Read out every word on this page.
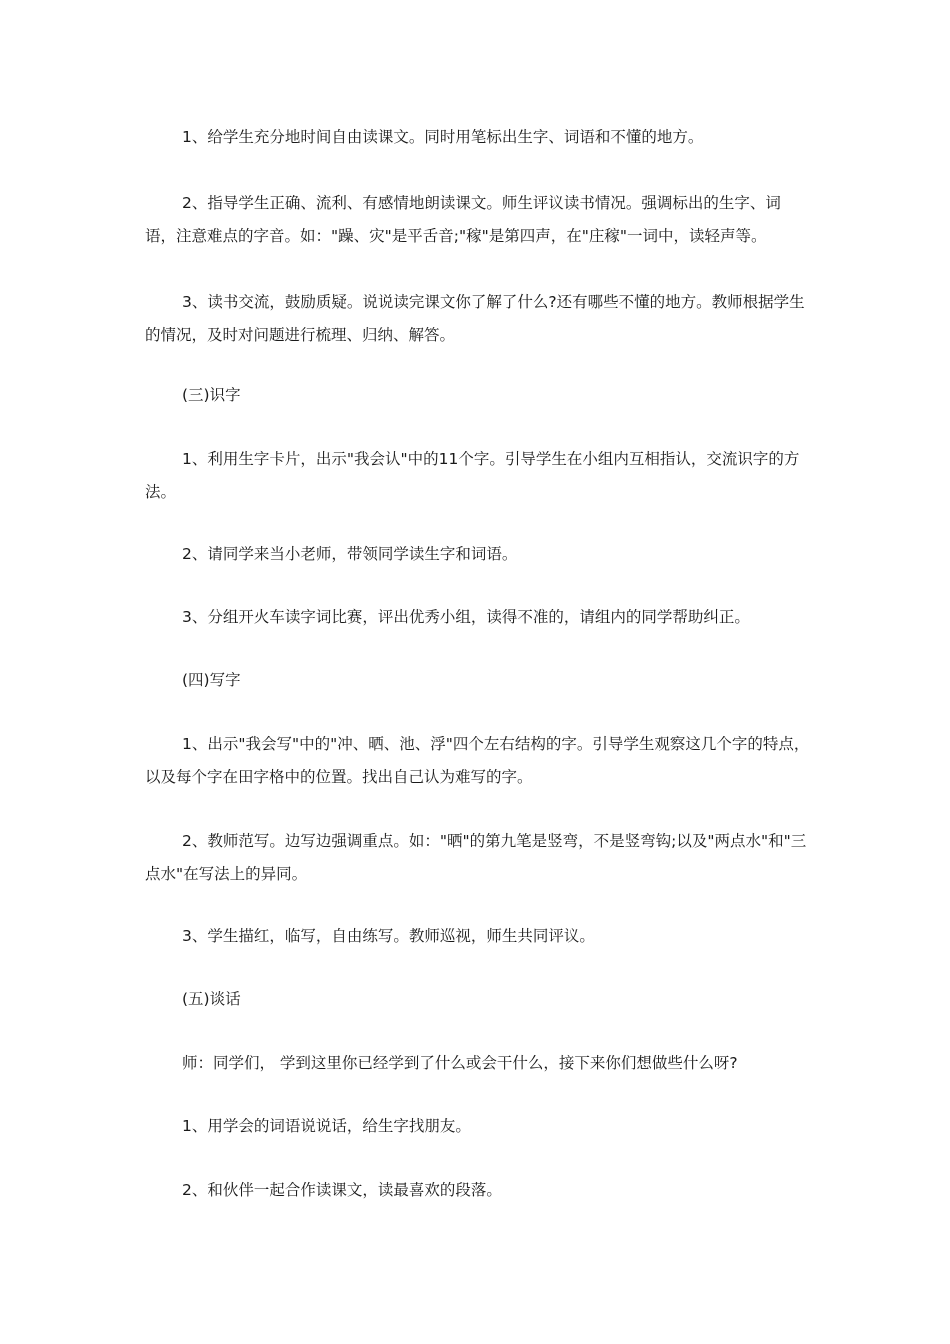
1、给学生充分地时间自由读课文。同时用笔标出生字、词语和不懂的地方。

2、指导学生正确、流利、有感情地朗读课文。师生评议读书情况。强调标出的生字、词语，注意难点的字音。如："躁、灾"是平舌音;"稼"是第四声，在"庄稼"一词中，读轻声等。

3、读书交流，鼓励质疑。说说读完课文你了解了什么?还有哪些不懂的地方。教师根据学生的情况，及时对问题进行梳理、归纳、解答。

(三)识字

1、利用生字卡片，出示"我会认"中的11个字。引导学生在小组内互相指认，交流识字的方法。

2、请同学来当小老师，带领同学读生字和词语。

3、分组开火车读字词比赛，评出优秀小组，读得不准的，请组内的同学帮助纠正。

(四)写字

1、出示"我会写"中的"冲、晒、池、浮"四个左右结构的字。引导学生观察这几个字的特点，以及每个字在田字格中的位置。找出自己认为难写的字。

2、教师范写。边写边强调重点。如："晒"的第九笔是竖弯，不是竖弯钩;以及"两点水"和"三点水"在写法上的异同。

3、学生描红，临写，自由练写。教师巡视，师生共同评议。

(五)谈话

师：同学们， 学到这里你已经学到了什么或会干什么，接下来你们想做些什么呀?

1、用学会的词语说说话，给生字找朋友。

2、和伙伴一起合作读课文，读最喜欢的段落。
